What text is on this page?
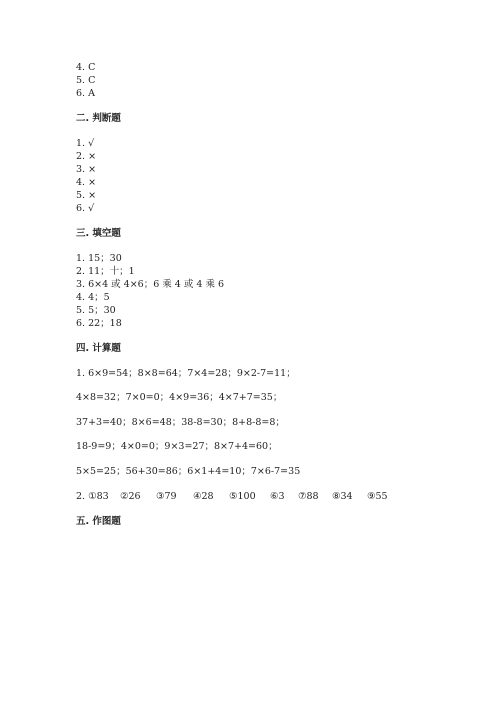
4. C
5. C
6. A
二. 判断题
1. √
2. ×
3. ×
4. ×
5. ×
6. √
三. 填空题
1. 15；30
2. 11；十；1
3. 6×4 或 4×6；6 乘 4 或 4 乘 6
4. 4；5
5. 5；30
6. 22；18
四. 计算题
1. 6×9=54；8×8=64；7×4=28；9×2-7=11；
4×8=32；7×0=0；4×9=36；4×7+7=35；
37+3=40；8×6=48；38-8=30；8+8-8=8；
18-9=9；4×0=0；9×3=27；8×7+4=60；
5×5=25；56+30=86；6×1+4=10；7×6-7=35
2. ①83 ②26 ③79 ④28 ⑤100 ⑥3 ⑦88 ⑧34 ⑨55
五. 作图题
